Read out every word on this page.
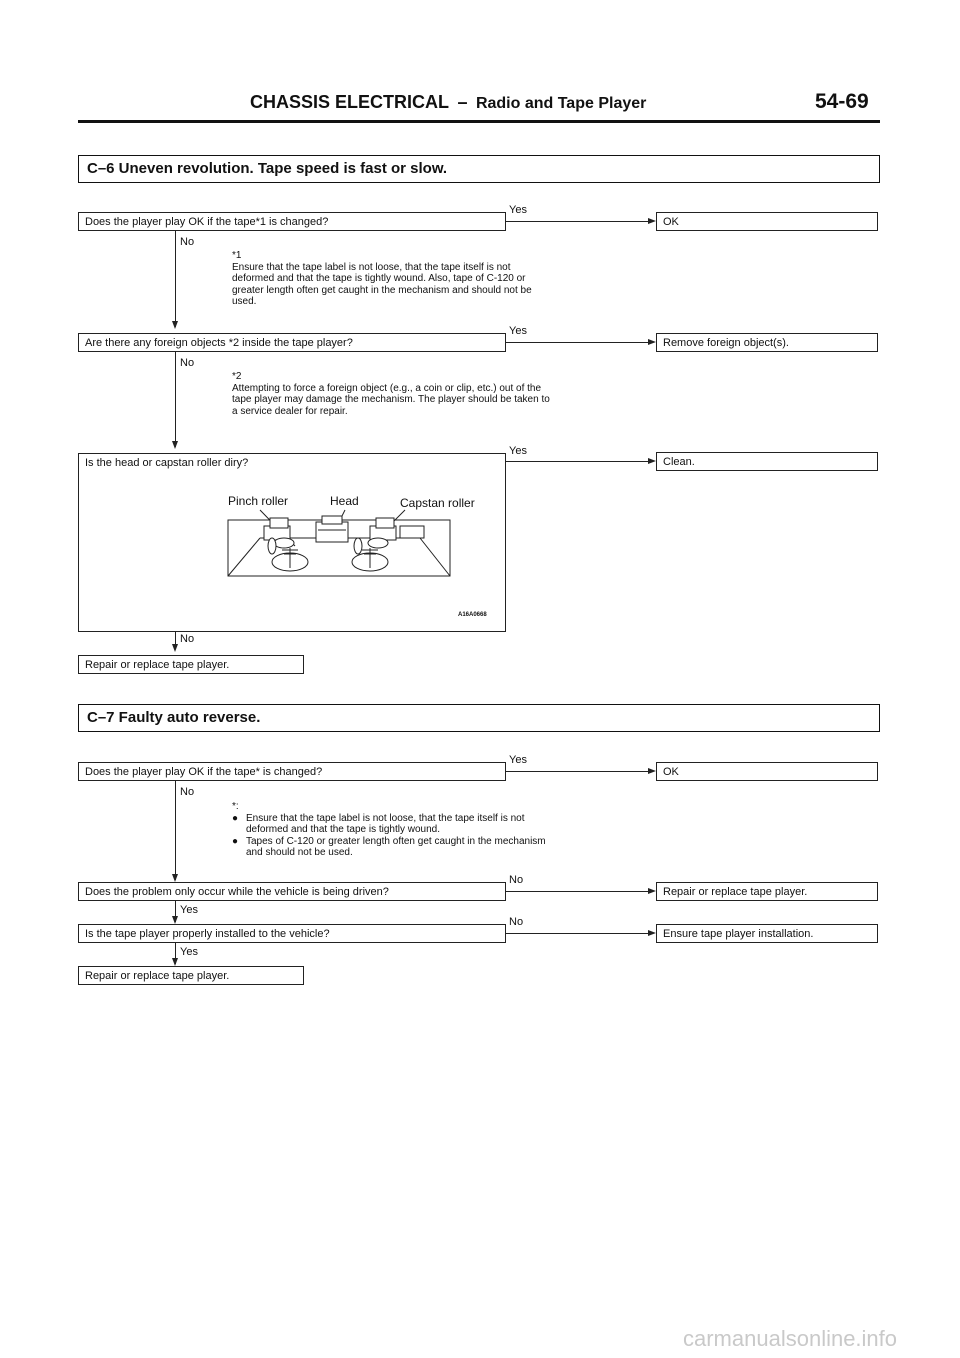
CHASSIS ELECTRICAL – Radio and Tape Player	54-69
C–6 Uneven revolution. Tape speed is fast or slow.
Does the player play OK if the tape*1 is changed?
Yes
OK
No

*1

Ensure that the tape label is not loose, that the tape itself is not deformed and that the tape is tightly wound. Also, tape of C-120 or greater length often get caught in the mechanism and should not be used.

Are there any foreign objects *2 inside the tape player?
Yes
Remove foreign object(s).
No

*2

Attempting to force a foreign object (e.g., a coin or clip, etc.) out of the tape player may damage the mechanism. The player should be taken to a service dealer for repair.

Is the head or capstan roller diry?
Yes
Clean.
Pinch roller	Head	Capstan roller
A16A0668
No
Repair or replace tape player.
C–7 Faulty auto reverse.
Does the player play OK if the tape* is changed?
Yes
OK
No

*:

● Ensure that the tape label is not loose, that the tape itself is not deformed and that the tape is tightly wound.
● Tapes of C-120 or greater length often get caught in the mechanism and should not be used.
Does the problem only occur while the vehicle is being driven?
No
Repair or replace tape player.
Yes
Is the tape player properly installed to the vehicle?
No
Ensure tape player installation.
Yes
Repair or replace tape player.
carmanualsonline.info
